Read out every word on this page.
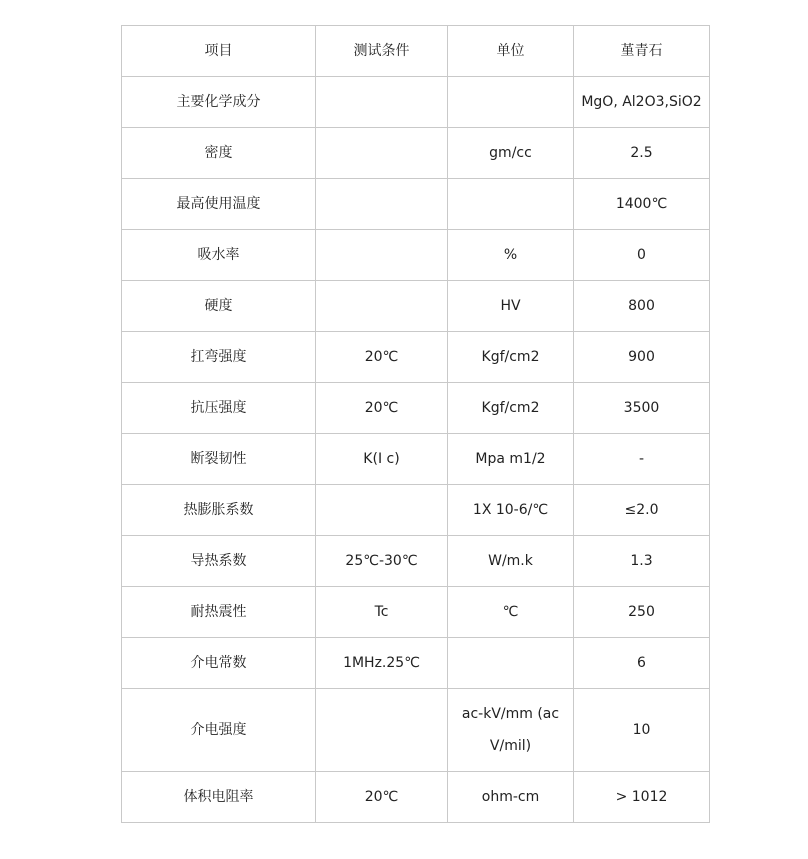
项目	测试条件	单位	堇青石
主要化学成分			MgO, Al2O3,SiO2
密度		gm/cc	2.5
最高使用温度			1400℃
吸水率		%	0
硬度		HV	800
扛弯强度	20℃	Kgf/cm2	900
抗压强度	20℃	Kgf/cm2	3500
断裂韧性	K(I c)	Mpa m1/2	-
热膨胀系数		1X 10-6/℃	≤2.0
导热系数	25℃-30℃	W/m.k	1.3
耐热震性	Tc	℃	250
介电常数	1MHz.25℃		6
介电强度		ac-kV/mm (ac V/mil)	10
体积电阻率	20℃	ohm-cm	> 1012
